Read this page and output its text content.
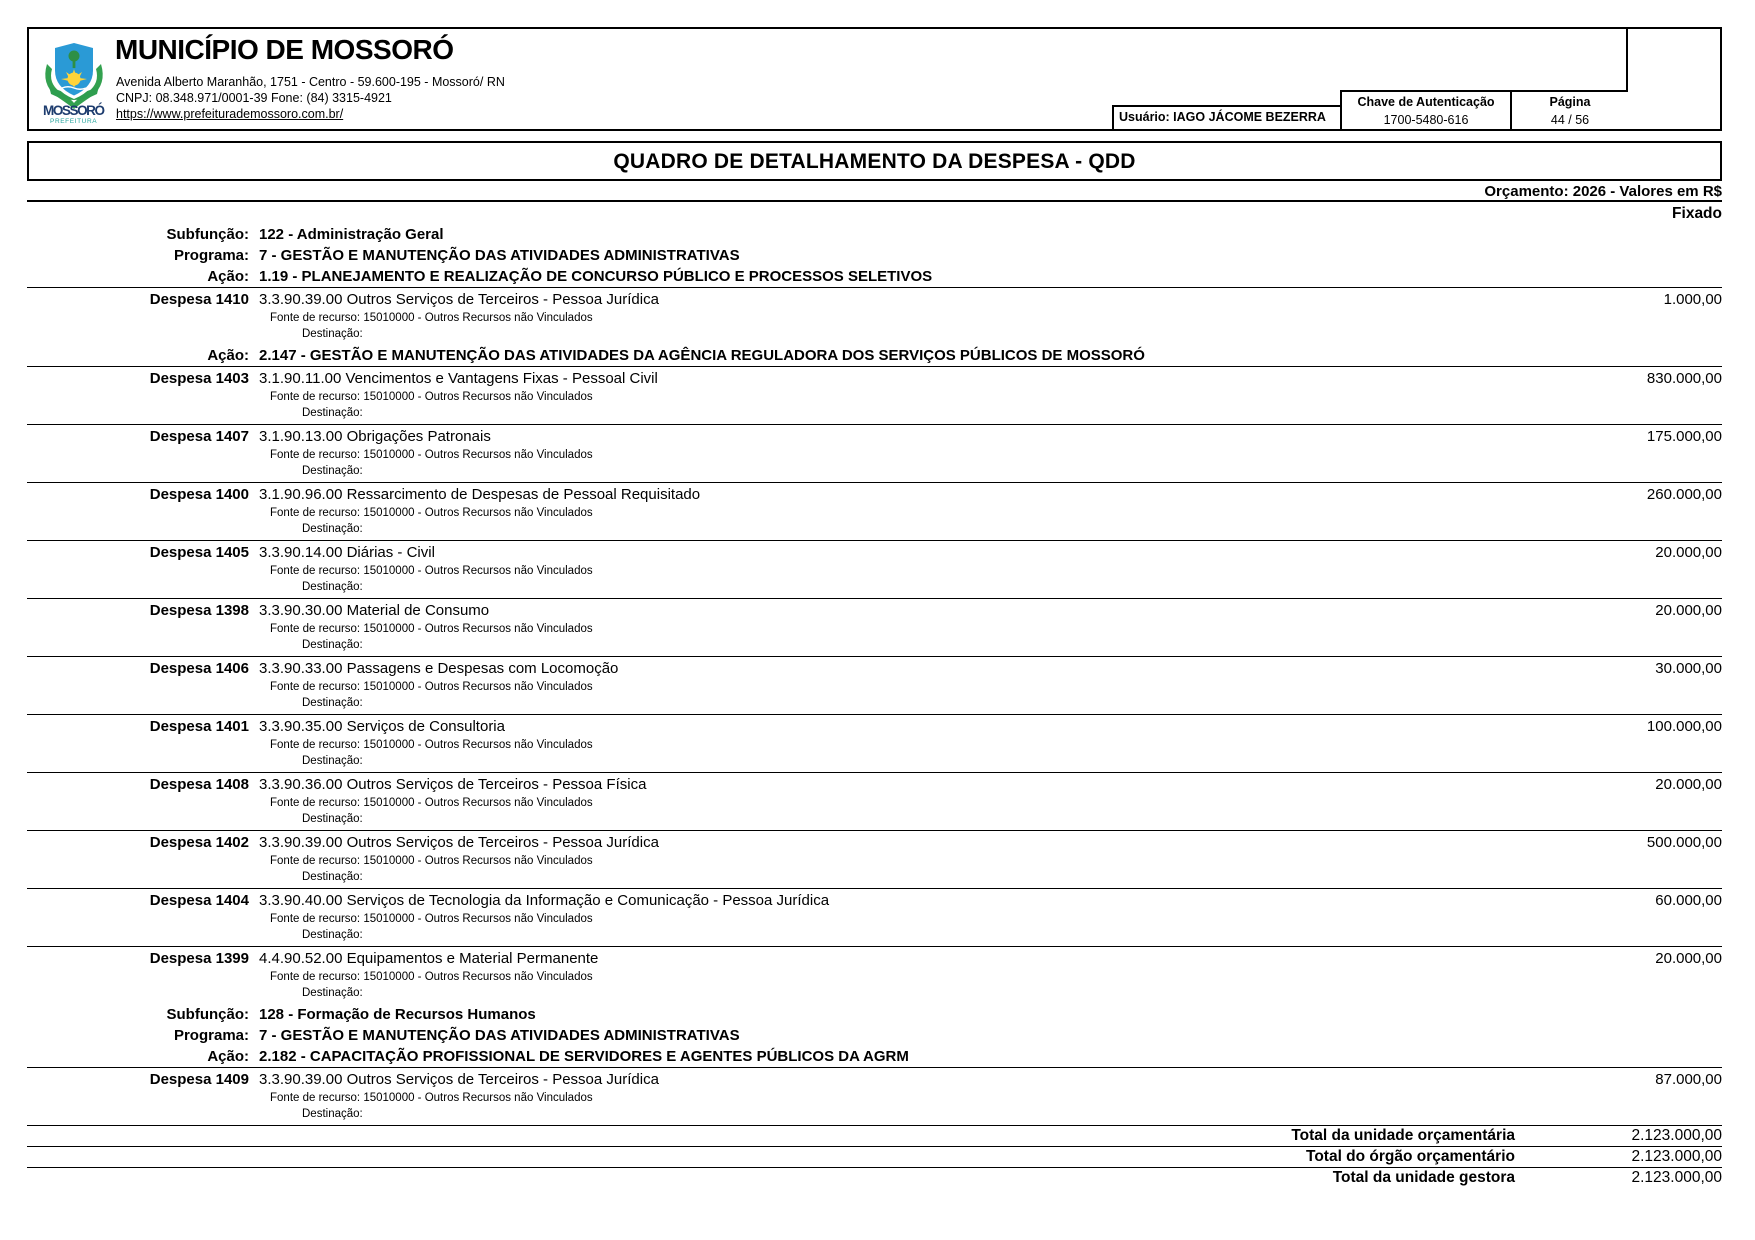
MOSSORÓ
PREFEITURA
MUNICÍPIO DE MOSSORÓ
Avenida Alberto Maranhão, 1751 - Centro - 59.600-195 - Mossoró/ RN
CNPJ: 08.348.971/0001-39 Fone: (84) 3315-4921
https://www.prefeiturademossoro.com.br/	Usuário: IAGO JÁCOME BEZERRA
Chave de Autenticação
1700-5480-616
Página
44 / 56
QUADRO DE DETALHAMENTO DA DESPESA - QDD
Orçamento: 2026 - Valores em R$
Fixado
Subfunção: 122 - Administração Geral
Programa: 7 - GESTÃO E MANUTENÇÃO DAS ATIVIDADES ADMINISTRATIVAS
Ação: 1.19 - PLANEJAMENTO E REALIZAÇÃO DE CONCURSO PÚBLICO E PROCESSOS SELETIVOS
Despesa 1410 3.3.90.39.00 Outros Serviços de Terceiros - Pessoa Jurídica	1.000,00
Fonte de recurso: 15010000 - Outros Recursos não Vinculados
Destinação:
Ação: 2.147 - GESTÃO E MANUTENÇÃO DAS ATIVIDADES DA AGÊNCIA REGULADORA DOS SERVIÇOS PÚBLICOS DE MOSSORÓ
Despesa 1403 3.1.90.11.00 Vencimentos e Vantagens Fixas - Pessoal Civil	830.000,00
Fonte de recurso: 15010000 - Outros Recursos não Vinculados
Destinação:
Despesa 1407 3.1.90.13.00 Obrigações Patronais	175.000,00
Fonte de recurso: 15010000 - Outros Recursos não Vinculados
Destinação:
Despesa 1400 3.1.90.96.00 Ressarcimento de Despesas de Pessoal Requisitado	260.000,00
Fonte de recurso: 15010000 - Outros Recursos não Vinculados
Destinação:
Despesa 1405 3.3.90.14.00 Diárias - Civil	20.000,00
Fonte de recurso: 15010000 - Outros Recursos não Vinculados
Destinação:
Despesa 1398 3.3.90.30.00 Material de Consumo	20.000,00
Fonte de recurso: 15010000 - Outros Recursos não Vinculados
Destinação:
Despesa 1406 3.3.90.33.00 Passagens e Despesas com Locomoção	30.000,00
Fonte de recurso: 15010000 - Outros Recursos não Vinculados
Destinação:
Despesa 1401 3.3.90.35.00 Serviços de Consultoria	100.000,00
Fonte de recurso: 15010000 - Outros Recursos não Vinculados
Destinação:
Despesa 1408 3.3.90.36.00 Outros Serviços de Terceiros - Pessoa Física	20.000,00
Fonte de recurso: 15010000 - Outros Recursos não Vinculados
Destinação:
Despesa 1402 3.3.90.39.00 Outros Serviços de Terceiros - Pessoa Jurídica	500.000,00
Fonte de recurso: 15010000 - Outros Recursos não Vinculados
Destinação:
Despesa 1404 3.3.90.40.00 Serviços de Tecnologia da Informação e Comunicação - Pessoa Jurídica	60.000,00
Fonte de recurso: 15010000 - Outros Recursos não Vinculados
Destinação:
Despesa 1399 4.4.90.52.00 Equipamentos e Material Permanente	20.000,00
Fonte de recurso: 15010000 - Outros Recursos não Vinculados
Destinação:
Subfunção: 128 - Formação de Recursos Humanos
Programa: 7 - GESTÃO E MANUTENÇÃO DAS ATIVIDADES ADMINISTRATIVAS
Ação: 2.182 - CAPACITAÇÃO PROFISSIONAL DE SERVIDORES E AGENTES PÚBLICOS DA AGRM
Despesa 1409 3.3.90.39.00 Outros Serviços de Terceiros - Pessoa Jurídica	87.000,00
Fonte de recurso: 15010000 - Outros Recursos não Vinculados
Destinação:
Total da unidade orçamentária	2.123.000,00
Total do órgão orçamentário	2.123.000,00
Total da unidade gestora	2.123.000,00
